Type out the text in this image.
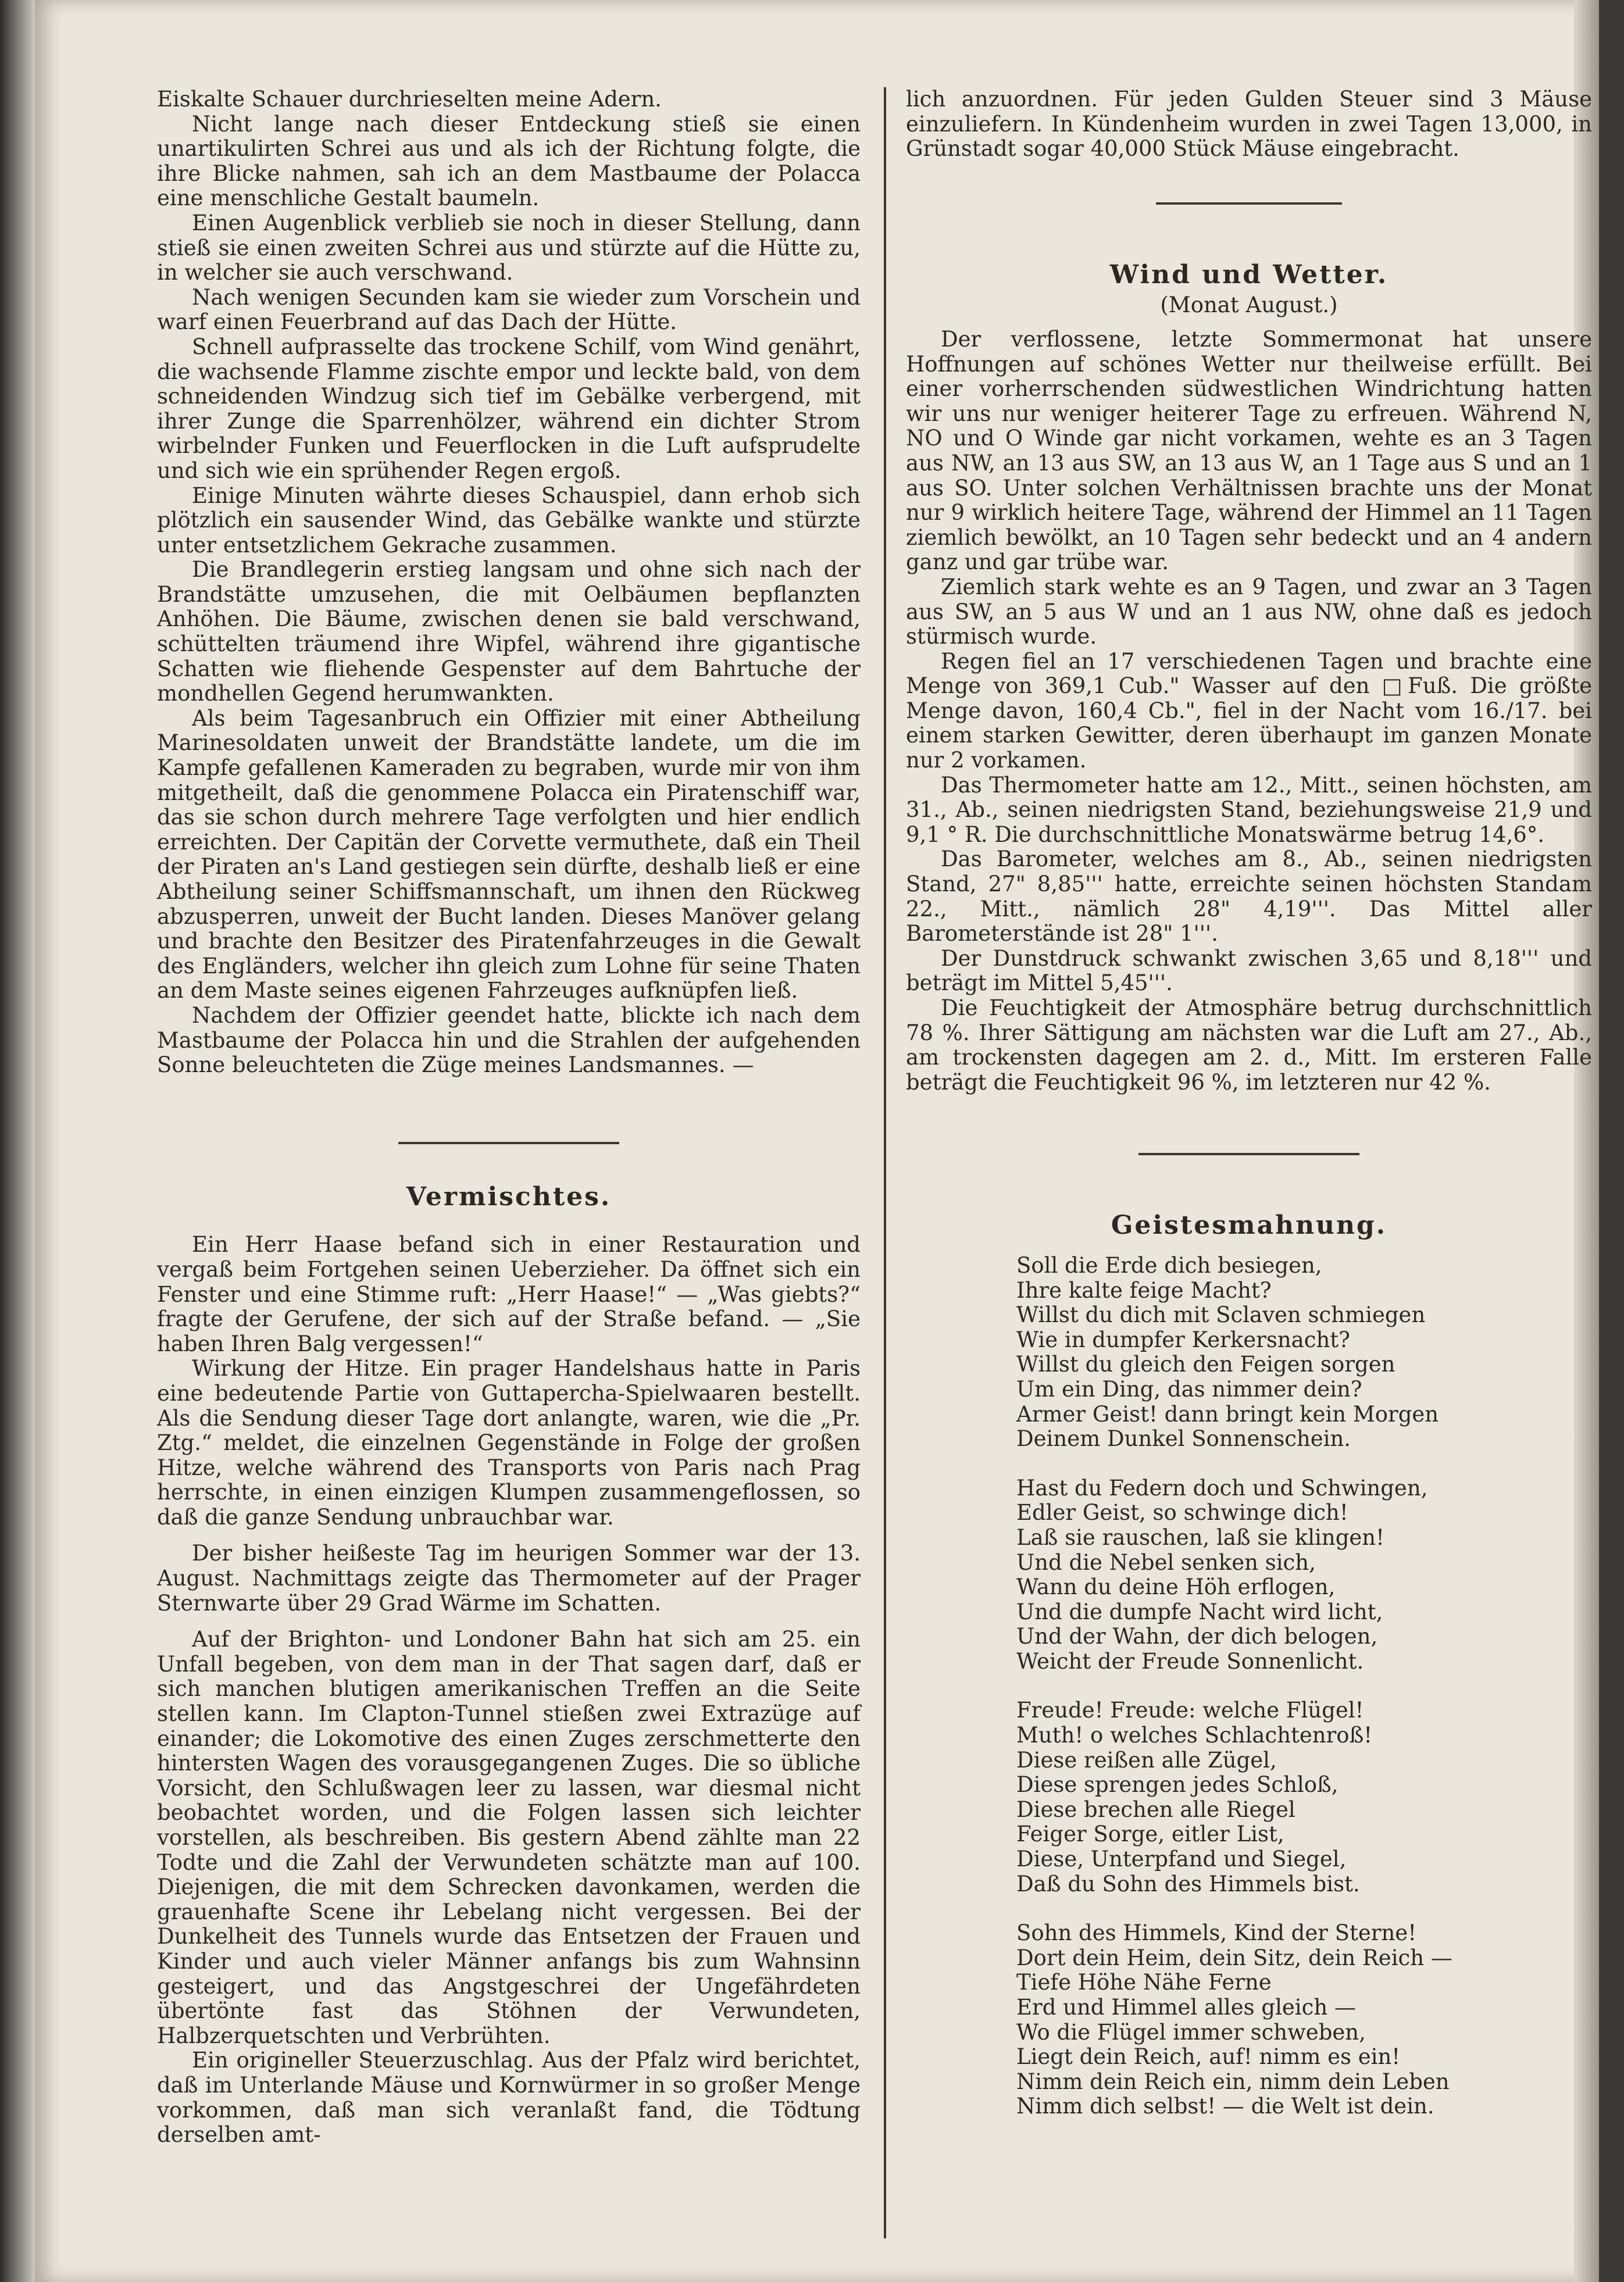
Eiskalte Schauer durchrieselten meine Adern.

Nicht lange nach dieser Entdeckung stieß sie einen unartikulirten Schrei aus und als ich der Richtung folgte, die ihre Blicke nahmen, sah ich an dem Mastbaume der Polacca eine menschliche Gestalt baumeln.

Einen Augenblick verblieb sie noch in dieser Stellung, dann stieß sie einen zweiten Schrei aus und stürzte auf die Hütte zu, in welcher sie auch verschwand.

Nach wenigen Secunden kam sie wieder zum Vorschein und warf einen Feuerbrand auf das Dach der Hütte.

Schnell aufprasselte das trockene Schilf, vom Wind genährt, die wachsende Flamme zischte empor und leckte bald, von dem schneidenden Windzug sich tief im Gebälke verbergend, mit ihrer Zunge die Sparrenhölzer, während ein dichter Strom wirbelnder Funken und Feuerflocken in die Luft aufsprudelte und sich wie ein sprühender Regen ergoß.

Einige Minuten währte dieses Schauspiel, dann erhob sich plötzlich ein sausender Wind, das Gebälke wankte und stürzte unter entsetzlichem Gekrache zusammen.

Die Brandlegerin erstieg langsam und ohne sich nach der Brandstätte umzusehen, die mit Oelbäumen bepflanzten Anhöhen. Die Bäume, zwischen denen sie bald verschwand, schüttelten träumend ihre Wipfel, während ihre gigantische Schatten wie fliehende Gespenster auf dem Bahrtuche der mondhellen Gegend herumwankten.

Als beim Tagesanbruch ein Offizier mit einer Abtheilung Marinesoldaten unweit der Brandstätte landete, um die im Kampfe gefallenen Kameraden zu begraben, wurde mir von ihm mitgetheilt, daß die genommene Polacca ein Piratenschiff war, das sie schon durch mehrere Tage verfolgten und hier endlich erreichten. Der Capitän der Corvette vermuthete, daß ein Theil der Piraten an's Land gestiegen sein dürfte, deshalb ließ er eine Abtheilung seiner Schiffsmannschaft, um ihnen den Rückweg abzusperren, unweit der Bucht landen. Dieses Manöver gelang und brachte den Besitzer des Piratenfahrzeuges in die Gewalt des Engländers, welcher ihn gleich zum Lohne für seine Thaten an dem Maste seines eigenen Fahrzeuges aufknüpfen ließ.

Nachdem der Offizier geendet hatte, blickte ich nach dem Mastbaume der Polacca hin und die Strahlen der aufgehenden Sonne beleuchteten die Züge meines Landsmannes. —

Vermischtes.

Ein Herr Haase befand sich in einer Restauration und vergaß beim Fortgehen seinen Ueberzieher. Da öffnet sich ein Fenster und eine Stimme ruft: „Herr Haase!“ — „Was giebts?“ fragte der Gerufene, der sich auf der Straße befand. — „Sie haben Ihren Balg vergessen!“

Wirkung der Hitze. Ein prager Handelshaus hatte in Paris eine bedeutende Partie von Guttapercha-Spielwaaren bestellt. Als die Sendung dieser Tage dort anlangte, waren, wie die „Pr. Ztg.“ meldet, die einzelnen Gegenstände in Folge der großen Hitze, welche während des Transports von Paris nach Prag herrschte, in einen einzigen Klumpen zusammengeflossen, so daß die ganze Sendung unbrauchbar war.

Der bisher heißeste Tag im heurigen Sommer war der 13. August. Nachmittags zeigte das Thermometer auf der Prager Sternwarte über 29 Grad Wärme im Schatten.

Auf der Brighton- und Londoner Bahn hat sich am 25. ein Unfall begeben, von dem man in der That sagen darf, daß er sich manchen blutigen amerikanischen Treffen an die Seite stellen kann. Im Clapton-Tunnel stießen zwei Extrazüge auf einander; die Lokomotive des einen Zuges zerschmetterte den hintersten Wagen des vorausgegangenen Zuges. Die so übliche Vorsicht, den Schlußwagen leer zu lassen, war diesmal nicht beobachtet worden, und die Folgen lassen sich leichter vorstellen, als beschreiben. Bis gestern Abend zählte man 22 Todte und die Zahl der Verwundeten schätzte man auf 100. Diejenigen, die mit dem Schrecken davonkamen, werden die grauenhafte Scene ihr Lebelang nicht vergessen. Bei der Dunkelheit des Tunnels wurde das Entsetzen der Frauen und Kinder und auch vieler Männer anfangs bis zum Wahnsinn gesteigert, und das Angstgeschrei der Ungefährdeten übertönte fast das Stöhnen der Verwundeten, Halbzerquetschten und Verbrühten.

Ein origineller Steuerzuschlag. Aus der Pfalz wird berichtet, daß im Unterlande Mäuse und Kornwürmer in so großer Menge vorkommen, daß man sich veranlaßt fand, die Tödtung derselben amt-

lich anzuordnen. Für jeden Gulden Steuer sind 3 Mäuse einzuliefern. In Kündenheim wurden in zwei Tagen 13,000, in Grünstadt sogar 40,000 Stück Mäuse eingebracht.

Wind und Wetter.
(Monat August.)

Der verflossene, letzte Sommermonat hat unsere Hoffnungen auf schönes Wetter nur theilweise erfüllt. Bei einer vorherrschenden südwestlichen Windrichtung hatten wir uns nur weniger heiterer Tage zu erfreuen. Während N, NO und O Winde gar nicht vorkamen, wehte es an 3 Tagen aus NW, an 13 aus SW, an 13 aus W, an 1 Tage aus S und an 1 aus SO. Unter solchen Verhältnissen brachte uns der Monat nur 9 wirklich heitere Tage, während der Himmel an 11 Tagen ziemlich bewölkt, an 10 Tagen sehr bedeckt und an 4 andern ganz und gar trübe war.

Ziemlich stark wehte es an 9 Tagen, und zwar an 3 Tagen aus SW, an 5 aus W und an 1 aus NW, ohne daß es jedoch stürmisch wurde.

Regen fiel an 17 verschiedenen Tagen und brachte eine Menge von 369,1 Cub." Wasser auf den □Fuß. Die größte Menge davon, 160,4 Cb.", fiel in der Nacht vom 16./17. bei einem starken Gewitter, deren überhaupt im ganzen Monate nur 2 vorkamen.

Das Thermometer hatte am 12., Mitt., seinen höchsten, am 31., Ab., seinen niedrigsten Stand, beziehungsweise 21,9 und 9,1 ° R. Die durchschnittliche Monatswärme betrug 14,6°.

Das Barometer, welches am 8., Ab., seinen niedrigsten Stand, 27" 8,85''' hatte, erreichte seinen höchsten Standam 22., Mitt., nämlich 28" 4,19'''. Das Mittel aller Barometerstände ist 28" 1'''.

Der Dunstdruck schwankt zwischen 3,65 und 8,18''' und beträgt im Mittel 5,45'''.

Die Feuchtigkeit der Atmosphäre betrug durchschnittlich 78 %. Ihrer Sättigung am nächsten war die Luft am 27., Ab., am trockensten dagegen am 2. d., Mitt. Im ersteren Falle beträgt die Feuchtigkeit 96 %, im letzteren nur 42 %.

Geistesmahnung.
Soll die Erde dich besiegen,
Ihre kalte feige Macht?
Willst du dich mit Sclaven schmiegen
Wie in dumpfer Kerkersnacht?
Willst du gleich den Feigen sorgen
Um ein Ding, das nimmer dein?
Armer Geist! dann bringt kein Morgen
Deinem Dunkel Sonnenschein.
Hast du Federn doch und Schwingen,
Edler Geist, so schwinge dich!
Laß sie rauschen, laß sie klingen!
Und die Nebel senken sich,
Wann du deine Höh erflogen,
Und die dumpfe Nacht wird licht,
Und der Wahn, der dich belogen,
Weicht der Freude Sonnenlicht.
Freude! Freude: welche Flügel!
Muth! o welches Schlachtenroß!
Diese reißen alle Zügel,
Diese sprengen jedes Schloß,
Diese brechen alle Riegel
Feiger Sorge, eitler List,
Diese, Unterpfand und Siegel,
Daß du Sohn des Himmels bist.
Sohn des Himmels, Kind der Sterne!
Dort dein Heim, dein Sitz, dein Reich —
Tiefe Höhe Nähe Ferne
Erd und Himmel alles gleich —
Wo die Flügel immer schweben,
Liegt dein Reich, auf! nimm es ein!
Nimm dein Reich ein, nimm dein Leben
Nimm dich selbst! — die Welt ist dein.
